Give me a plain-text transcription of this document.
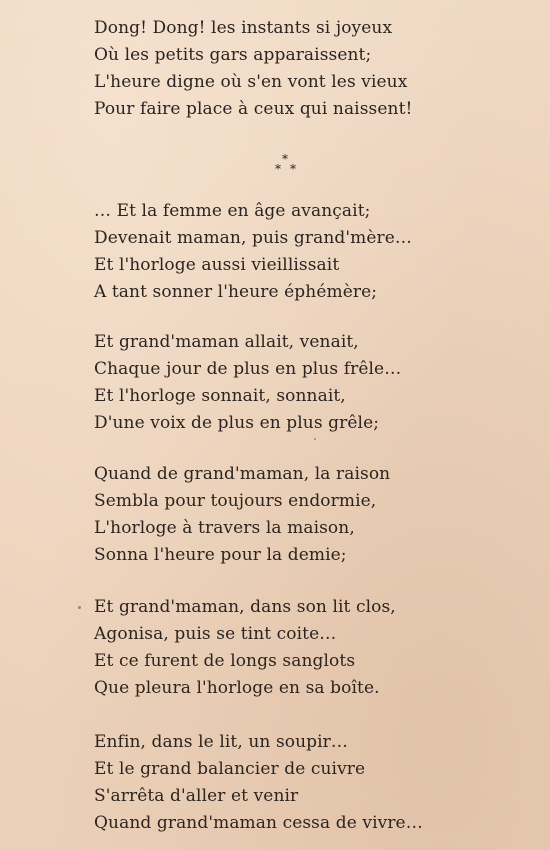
Dong! Dong! les instants si joyeux
Où les petits gars apparaissent;
L'heure digne où s'en vont les vieux
Pour faire place à ceux qui naissent!
*
* *
… Et la femme en âge avançait;
Devenait maman, puis grand'mère…
Et l'horloge aussi vieillissait
A tant sonner l'heure éphémère;
Et grand'maman allait, venait,
Chaque jour de plus en plus frêle…
Et l'horloge sonnait, sonnait,
D'une voix de plus en plus grêle;
Quand de grand'maman, la raison
Sembla pour toujours endormie,
L'horloge à travers la maison,
Sonna l'heure pour la demie;
Et grand'maman, dans son lit clos,
Agonisa, puis se tint coite…
Et ce furent de longs sanglots
Que pleura l'horloge en sa boîte.
Enfin, dans le lit, un soupir…
Et le grand balancier de cuivre
S'arrêta d'aller et venir
Quand grand'maman cessa de vivre…
